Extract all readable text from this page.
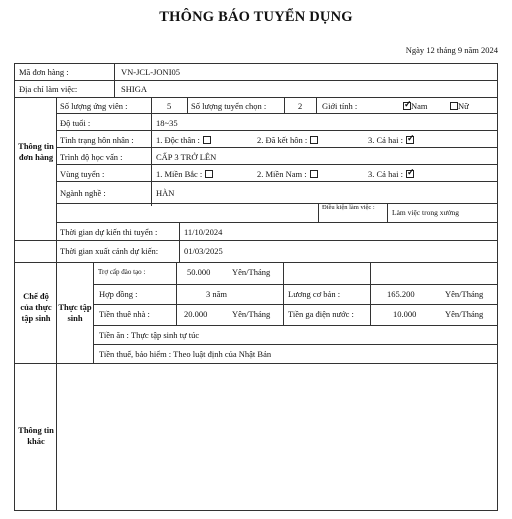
THÔNG BÁO TUYỂN DỤNG
Ngày 12 tháng 9 năm 2024
Mã đơn hàng :	VN-JCL-JONI05
Địa chỉ làm việc:	SHIGA
Thông tin đơn hàng
Chế độ của thực tập sinh
Thực tập sinh
Thông tin khác
Số lượng ứng viên :	5 Số lượng tuyển chọn :	2 Giới tính :
✓	Nam	Nữ
Độ tuổi :	18~35
Tình trạng hôn nhân :	1. Độc thân :	2. Đã kết hôn :	3. Cả hai :✓
Trình độ học vấn :	CẤP 3 TRỞ LÊN
Vùng tuyển :	1. Miền Bắc :	2. Miền Nam :	3. Cả hai :✓
Ngành nghề :	HÀN
Điều kiện làm việc :
Làm việc trong xưởng
Thời gian dự kiến thi tuyển :	11/10/2024
Thời gian xuất cảnh dự kiến:	01/03/2025
Trợ cấp đào tạo :	50.000	Yên/Tháng
Hợp đồng :	3 năm	Lương cơ bản :	165.200	Yên/Tháng
Tiền thuê nhà :	20.000	Yên/Tháng Tiền ga điện nước :	10.000	Yên/Tháng
Tiền ăn : Thực tập sinh tự túc
Tiền thuế, bảo hiểm : Theo luật định của Nhật Bản
